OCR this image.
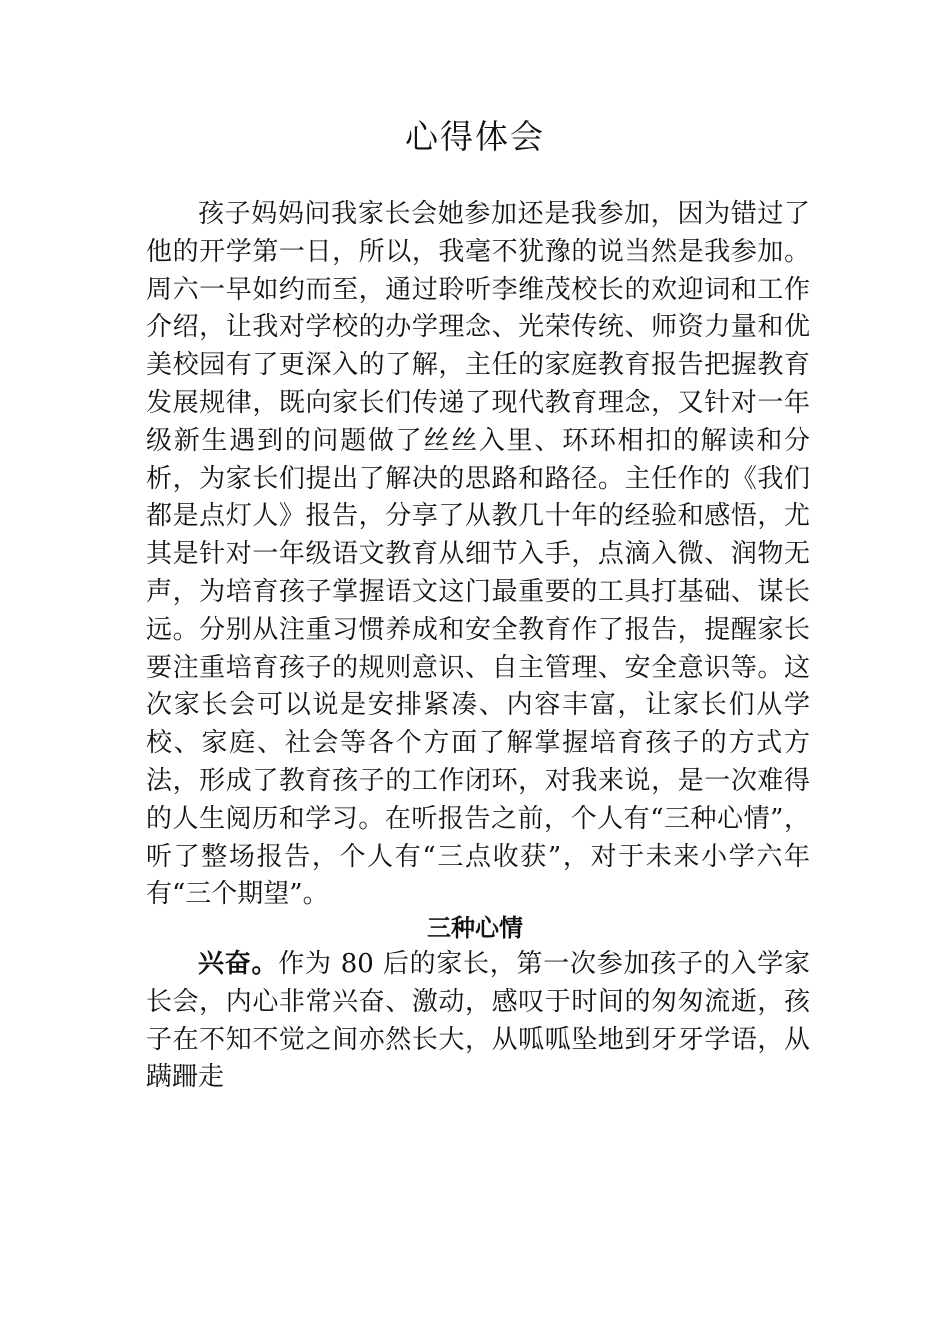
心得体会

孩子妈妈问我家长会她参加还是我参加，因为错过了他的开学第一日，所以，我毫不犹豫的说当然是我参加。周六一早如约而至，通过聆听李维茂校长的欢迎词和工作介绍，让我对学校的办学理念、光荣传统、师资力量和优美校园有了更深入的了解，主任的家庭教育报告把握教育发展规律，既向家长们传递了现代教育理念，又针对一年级新生遇到的问题做了丝丝入里、环环相扣的解读和分析，为家长们提出了解决的思路和路径。主任作的《我们都是点灯人》报告，分享了从教几十年的经验和感悟，尤其是针对一年级语文教育从细节入手，点滴入微、润物无声，为培育孩子掌握语文这门最重要的工具打基础、谋长远。分别从注重习惯养成和安全教育作了报告，提醒家长要注重培育孩子的规则意识、自主管理、安全意识等。这次家长会可以说是安排紧凑、内容丰富，让家长们从学校、家庭、社会等各个方面了解掌握培育孩子的方式方法，形成了教育孩子的工作闭环，对我来说，是一次难得的人生阅历和学习。在听报告之前，个人有“三种心情”，听了整场报告，个人有“三点收获”，对于未来小学六年有“三个期望”。

三种心情

兴奋。作为 80 后的家长，第一次参加孩子的入学家长会，内心非常兴奋、激动，感叹于时间的匆匆流逝，孩子在不知不觉之间亦然长大，从呱呱坠地到牙牙学语，从蹒跚走
